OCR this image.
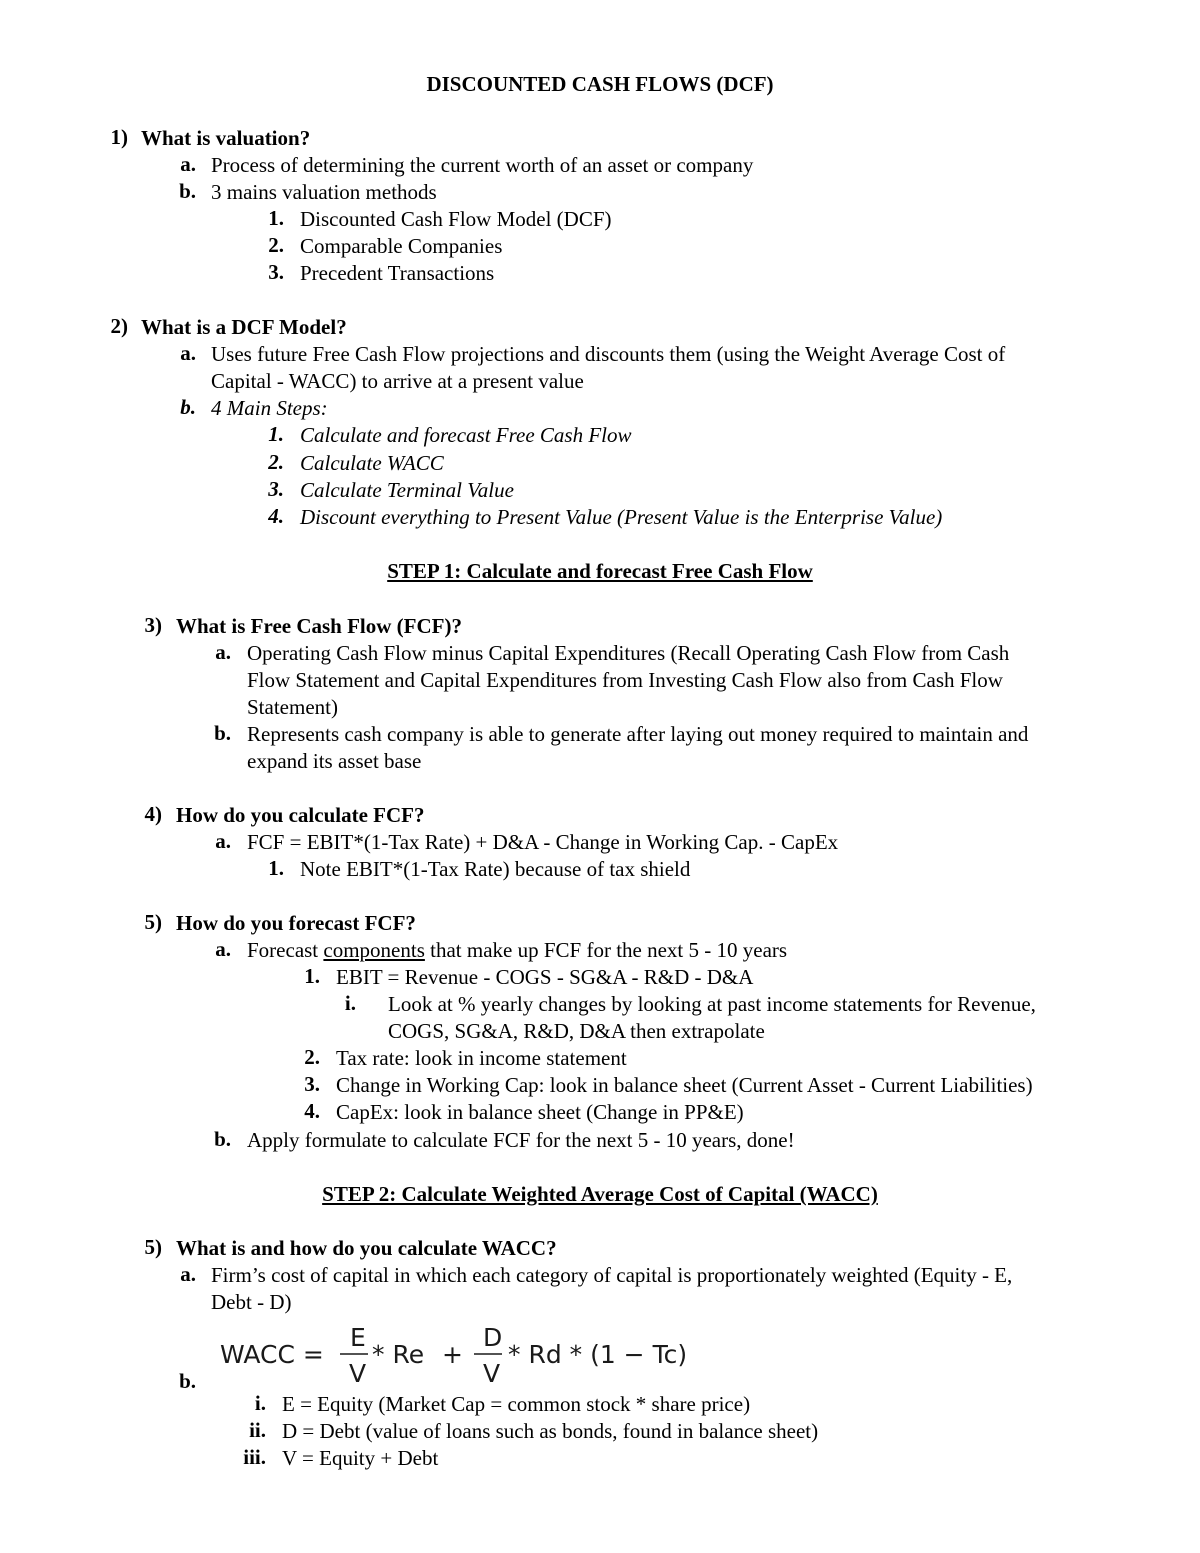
DISCOUNTED CASH FLOWS (DCF)
1) What is valuation?
a. Process of determining the current worth of an asset or company
b. 3 mains valuation methods
1. Discounted Cash Flow Model (DCF)
2. Comparable Companies
3. Precedent Transactions
2) What is a DCF Model?
a. Uses future Free Cash Flow projections and discounts them (using the Weight Average Cost of
Capital - WACC) to arrive at a present value
b. 4 Main Steps:
1. Calculate and forecast Free Cash Flow
2. Calculate WACC
3. Calculate Terminal Value
4. Discount everything to Present Value (Present Value is the Enterprise Value)
STEP 1: Calculate and forecast Free Cash Flow
3) What is Free Cash Flow (FCF)?
a. Operating Cash Flow minus Capital Expenditures (Recall Operating Cash Flow from Cash
Flow Statement and Capital Expenditures from Investing Cash Flow also from Cash Flow
Statement)
b. Represents cash company is able to generate after laying out money required to maintain and
expand its asset base
4) How do you calculate FCF?
a. FCF = EBIT*(1-Tax Rate) + D&A - Change in Working Cap. - CapEx
1. Note EBIT*(1-Tax Rate) because of tax shield
5) How do you forecast FCF?
a. Forecast components that make up FCF for the next 5 - 10 years
1. EBIT = Revenue - COGS - SG&A - R&D - D&A
i. Look at % yearly changes by looking at past income statements for Revenue,
COGS, SG&A, R&D, D&A then extrapolate
2. Tax rate: look in income statement
3. Change in Working Cap: look in balance sheet (Current Asset - Current Liabilities)
4. CapEx: look in balance sheet (Change in PP&E)
b. Apply formulate to calculate FCF for the next 5 - 10 years, done!
STEP 2: Calculate Weighted Average Cost of Capital (WACC)
5) What is and how do you calculate WACC?
a. Firm’s cost of capital in which each category of capital is proportionately weighted (Equity - E,
Debt - D)
WACC =
E
V
* Re +
D
V
* Rd * (1 − Tc)
b.
i. E = Equity (Market Cap = common stock * share price)
ii. D = Debt (value of loans such as bonds, found in balance sheet)
iii. V = Equity + Debt
